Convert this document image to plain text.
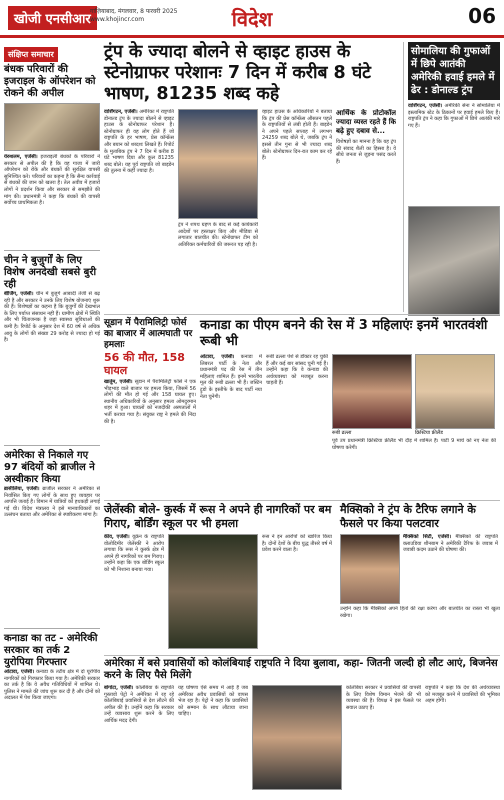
खोजी एनसीआर
गाज़ियाबाद, मंगलवार, 8 फरवरी 2025
www.khojincr.com	विदेश	06
संक्षिप्त समाचार
बंधक परिवारों की इजराइल के ऑपरेशन को रोकने की अपील
येरुशलम, एजेंसी। इजराइली बंधकों के परिवारों ने सरकार से अपील की है कि वह गाजा में जारी ऑपरेशन को रोके और बंधकों की सुरक्षित वापसी सुनिश्चित करे। परिवारों का कहना है कि सैन्य कार्रवाई से बंधकों की जान को खतरा है। तेल अवीव में हजारों लोगों ने प्रदर्शन किया और सरकार से समझौते की मांग की। प्रधानमंत्री ने कहा कि बंधकों की वापसी सर्वोच्च प्राथमिकता है।
चीन ने बुजुर्गों के लिए विशेष अनदेखी सबसे बुरी रही
बीजिंग, एजेंसी। चीन में बुजुर्ग आबादी तेजी से बढ़ रही है और सरकार ने उनके लिए विशेष योजनाएं शुरू की हैं। विशेषज्ञों का कहना है कि बुजुर्गों की देखभाल के लिए पर्याप्त संसाधन नहीं हैं। ग्रामीण क्षेत्रों में स्थिति और भी चिंताजनक है जहां स्वास्थ्य सुविधाओं की कमी है। रिपोर्ट के अनुसार देश में 60 वर्ष से अधिक आयु के लोगों की संख्या 29 करोड़ से ज्यादा हो गई है।
अमेरिका से निकाले गए 97 बंदियों को ब्राजील ने अस्वीकार किया
ब्रासीलिया, एजेंसी। ब्राजील सरकार ने अमेरिका से निर्वासित किए गए लोगों के साथ हुए व्यवहार पर आपत्ति जताई है। विमान में यात्रियों को हथकड़ी लगाई गई थी। विदेश मंत्रालय ने इसे मानवाधिकारों का उल्लंघन बताया और अमेरिका से स्पष्टीकरण मांगा है।
कनाडा का तट - अमेरिकी सरकार का तर्क 2 युरोपिया गिरफ्तार
ओटावा, एजेंसी। कनाडा के तटीय क्षेत्र में दो यूरोपीय नागरिकों को गिरफ्तार किया गया है। अमेरिकी सरकार का तर्क है कि वे अवैध गतिविधियों में शामिल थे। पुलिस ने मामले की जांच शुरू कर दी है और दोनों को अदालत में पेश किया जाएगा।
ट्रंप के ज्यादा बोलने से व्हाइट हाउस के स्टेनोग्राफर परेशानः 7 दिन में करीब 8 घंटे भाषण, 81235 शब्द कहे
वाशिंगटन, एजेंसी। अमेरिका में राष्ट्रपति डोनाल्ड ट्रंप के ज्यादा बोलने से व्हाइट हाउस के स्टेनोग्राफर परेशान हैं। स्टेनोग्राफर ही वह लोग होते हैं जो राष्ट्रपति के हर भाषण, प्रेस कॉन्फ्रेंस और बयान को शब्दशः लिखते हैं। रिपोर्ट के मुताबिक ट्रंप ने 7 दिन में करीब 8 घंटे भाषण दिया और कुल 81235 शब्द बोले। यह पूर्व राष्ट्रपति जो बाइडेन की तुलना में कहीं ज्यादा है।
ट्रंप ने शपथ ग्रहण के बाद से कई कार्यकारी आदेशों पर हस्ताक्षर किए और मीडिया से लगातार बातचीत की। स्टेनोग्राफर टीम को अतिरिक्त कर्मचारियों की जरूरत पड़ रही है।
व्हाइट हाउस के अधिकारियों ने बताया कि ट्रंप की प्रेस कॉन्फ्रेंस औसतन पहले के राष्ट्रपतियों से लंबी होती हैं। बाइडेन ने अपने पहले सप्ताह में लगभग 24259 शब्द बोले थे, जबकि ट्रंप ने इससे तीन गुना से भी ज्यादा शब्द बोले। स्टेनोग्राफर दिन-रात काम कर रहे हैं।
आर्थिक के प्रोटोकॉल ज्यादा व्यस्त रहते हैं कि बढ़े हुए दबाव से...
विशेषज्ञों का मानना है कि यह ट्रंप की संवाद शैली का हिस्सा है। वे सीधे जनता से जुड़ना पसंद करते हैं।
सोमालिया की गुफाओं में छिपे आतंकी अमेरिकी हवाई हमले में ढेर : डोनाल्ड ट्रंप
वाशिंगटन, एजेंसी। अमेरिकी सेना ने सोमालिया में इस्लामिक स्टेट के ठिकानों पर हवाई हमले किए हैं। राष्ट्रपति ट्रंप ने कहा कि गुफाओं में छिपे आतंकी मारे गए हैं।
सूडान में पैरामिलिट्री फोर्स का बाजार में आत्मघाती पर हमलाः
56 की मौत, 158 घायल
खार्तूम, एजेंसी। सूडान में पैरामिलिट्री फोर्स ने एक भीड़भाड़ वाले बाजार पर हमला किया, जिसमें 56 लोगों की मौत हो गई और 158 घायल हुए। स्थानीय अधिकारियों के अनुसार हमला ओमदुरमान शहर में हुआ। घायलों को नजदीकी अस्पतालों में भर्ती कराया गया है। संयुक्त राष्ट्र ने हमले की निंदा की है।
कनाडा का पीएम बनने की रेस में 3 महिलाएंः इनमें भारतवंशी रूबी भी
ओटावा, एजेंसी। कनाडा में लिबरल पार्टी के नेता और प्रधानमंत्री पद की रेस में तीन महिलाएं शामिल हैं। इनमें भारतीय मूल की रूबी ढल्ला भी हैं। जस्टिन ट्रूडो के इस्तीफे के बाद पार्टी नया नेता चुनेगी।
रूबी ढल्ला पेशे से डॉक्टर रह चुकी हैं और कई बार सांसद चुनी गई हैं। उन्होंने कहा कि वे कनाडा की अर्थव्यवस्था को मजबूत करना चाहती हैं।
रूबी ढल्ला	क्रिस्टिया फ्रीलैंड
पूर्व उप प्रधानमंत्री क्रिस्टिया फ्रीलैंड भी दौड़ में शामिल हैं। पार्टी 9 मार्च को नए नेता की घोषणा करेगी।
जेलेंस्की बोले- कुर्स्क में रूस ने अपने ही नागरिकों पर बम गिराए, बोर्डिंग स्कूल पर भी हमला
कीव, एजेंसी। यूक्रेन के राष्ट्रपति वोलोदिमीर जेलेंस्की ने आरोप लगाया कि रूस ने कुर्स्क क्षेत्र में अपने ही नागरिकों पर बम गिराए। उन्होंने कहा कि एक बोर्डिंग स्कूल को भी निशाना बनाया गया।
रूस ने इन आरोपों को खारिज किया है। दोनों देशों के बीच युद्ध तीसरे वर्ष में प्रवेश करने वाला है।
मैक्सिको ने ट्रंप के टैरिफ लगाने के फैसले पर किया पलटवार
मैक्सिको सिटी, एजेंसी। मैक्सिको की राष्ट्रपति क्लाउडिया शीनबाम ने अमेरिकी टैरिफ के जवाब में जवाबी कदम उठाने की घोषणा की।
उन्होंने कहा कि मैक्सिको अपने हितों की रक्षा करेगा और बातचीत का रास्ता भी खुला रखेगा।
अमेरिका में बसे प्रवासियों को कोलंबियाई राष्ट्रपति ने दिया बुलावा, कहा- जितनी जल्दी हो लौट आएं, बिजनेस करने के लिए पैसे मिलेंगे
बोगोटा, एजेंसी। कोलंबिया के राष्ट्रपति गुस्तावो पेट्रो ने अमेरिका में रह रहे कोलंबियाई प्रवासियों से देश लौटने की अपील की है। उन्होंने कहा कि सरकार उन्हें व्यवसाय शुरू करने के लिए आर्थिक मदद देगी।
यह घोषणा ऐसे समय में आई है जब अमेरिका अवैध प्रवासियों को वापस भेज रहा है। पेट्रो ने कहा कि प्रवासियों को सम्मान के साथ लौटाया जाना चाहिए।
कोलंबिया सरकार ने प्रवासियों की वापसी के लिए विशेष विमान भेजने की भी व्यवस्था की है। विपक्ष ने इस फैसले पर सवाल उठाए हैं।
राष्ट्रपति ने कहा कि देश की अर्थव्यवस्था को मजबूत करने में प्रवासियों की भूमिका अहम होगी।
